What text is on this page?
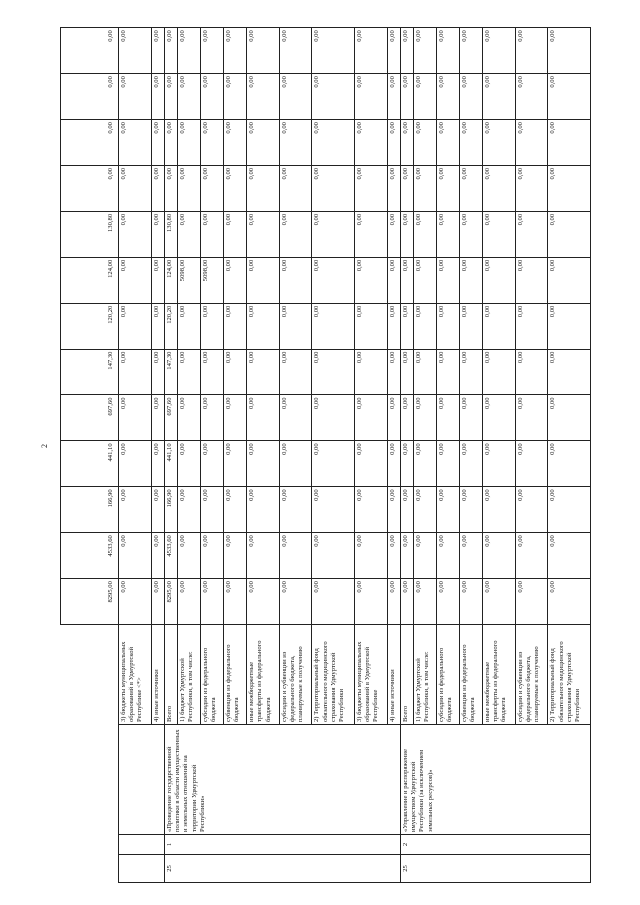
2
				8295,00	4533,60	166,90	441,10	697,60	147,30	120,20	124,00	130,80	0,00	0,00	0,00	0,00
			3) бюджеты муниципальных образований в Удмуртской Республике <*>	0,00	0,00	0,00	0,00	0,00	0,00	0,00	0,00	0,00	0,00	0,00	0,00	0,00
			4) иные источники	0,00	0,00	0,00	0,00	0,00	0,00	0,00	0,00	0,00	0,00	0,00	0,00	0,00
25	1	«Проведение государственной политики в области имущественных и земельных отношений на территории Удмуртской Республики»	Всего	8295,00	4533,60	166,90	441,10	697,60	147,30	120,20	124,00	130,80	0,00	0,00	0,00	0,00
			1) бюджет Удмуртской Республики, в том числе:	0,00	0,00	0,00	0,00	0,00	0,00	0,00	5098,00	0,00	0,00	0,00	0,00	0,00
			субсидии из федерального бюджета	0,00	0,00	0,00	0,00	0,00	0,00	0,00	5098,00	0,00	0,00	0,00	0,00	0,00
			субвенции из федерального бюджета	0,00	0,00	0,00	0,00	0,00	0,00	0,00	0,00	0,00	0,00	0,00	0,00	0,00
			иные межбюджетные трансферты из федерального бюджета	0,00	0,00	0,00	0,00	0,00	0,00	0,00	0,00	0,00	0,00	0,00	0,00	0,00
			субсидии и субвенции из федерального бюджета, планируемые к получению	0,00	0,00	0,00	0,00	0,00	0,00	0,00	0,00	0,00	0,00	0,00	0,00	0,00
			2) Территориальный фонд обязательного медицинского страхования Удмуртской Республики	0,00	0,00	0,00	0,00	0,00	0,00	0,00	0,00	0,00	0,00	0,00	0,00	0,00
			3) бюджеты муниципальных образований в Удмуртской Республике	0,00	0,00	0,00	0,00	0,00	0,00	0,00	0,00	0,00	0,00	0,00	0,00	0,00
			4) иные источники	0,00	0,00	0,00	0,00	0,00	0,00	0,00	0,00	0,00	0,00	0,00	0,00	0,00
25	2	«Управление и распоряжение имуществом Удмуртской Республики (за исключением земельных ресурсов)»	Всего	0,00	0,00	0,00	0,00	0,00	0,00	0,00	0,00	0,00	0,00	0,00	0,00	0,00
			1) бюджет Удмуртской Республики, в том числе:	0,00	0,00	0,00	0,00	0,00	0,00	0,00	0,00	0,00	0,00	0,00	0,00	0,00
			субсидии из федерального бюджета	0,00	0,00	0,00	0,00	0,00	0,00	0,00	0,00	0,00	0,00	0,00	0,00	0,00
			субвенции из федерального бюджета	0,00	0,00	0,00	0,00	0,00	0,00	0,00	0,00	0,00	0,00	0,00	0,00	0,00
			иные межбюджетные трансферты из федерального бюджета	0,00	0,00	0,00	0,00	0,00	0,00	0,00	0,00	0,00	0,00	0,00	0,00	0,00
			субсидии и субвенции из федерального бюджета, планируемые к получению	0,00	0,00	0,00	0,00	0,00	0,00	0,00	0,00	0,00	0,00	0,00	0,00	0,00
			2) Территориальный фонд обязательного медицинского страхования Удмуртской Республики	0,00	0,00	0,00	0,00	0,00	0,00	0,00	0,00	0,00	0,00	0,00	0,00	0,00
